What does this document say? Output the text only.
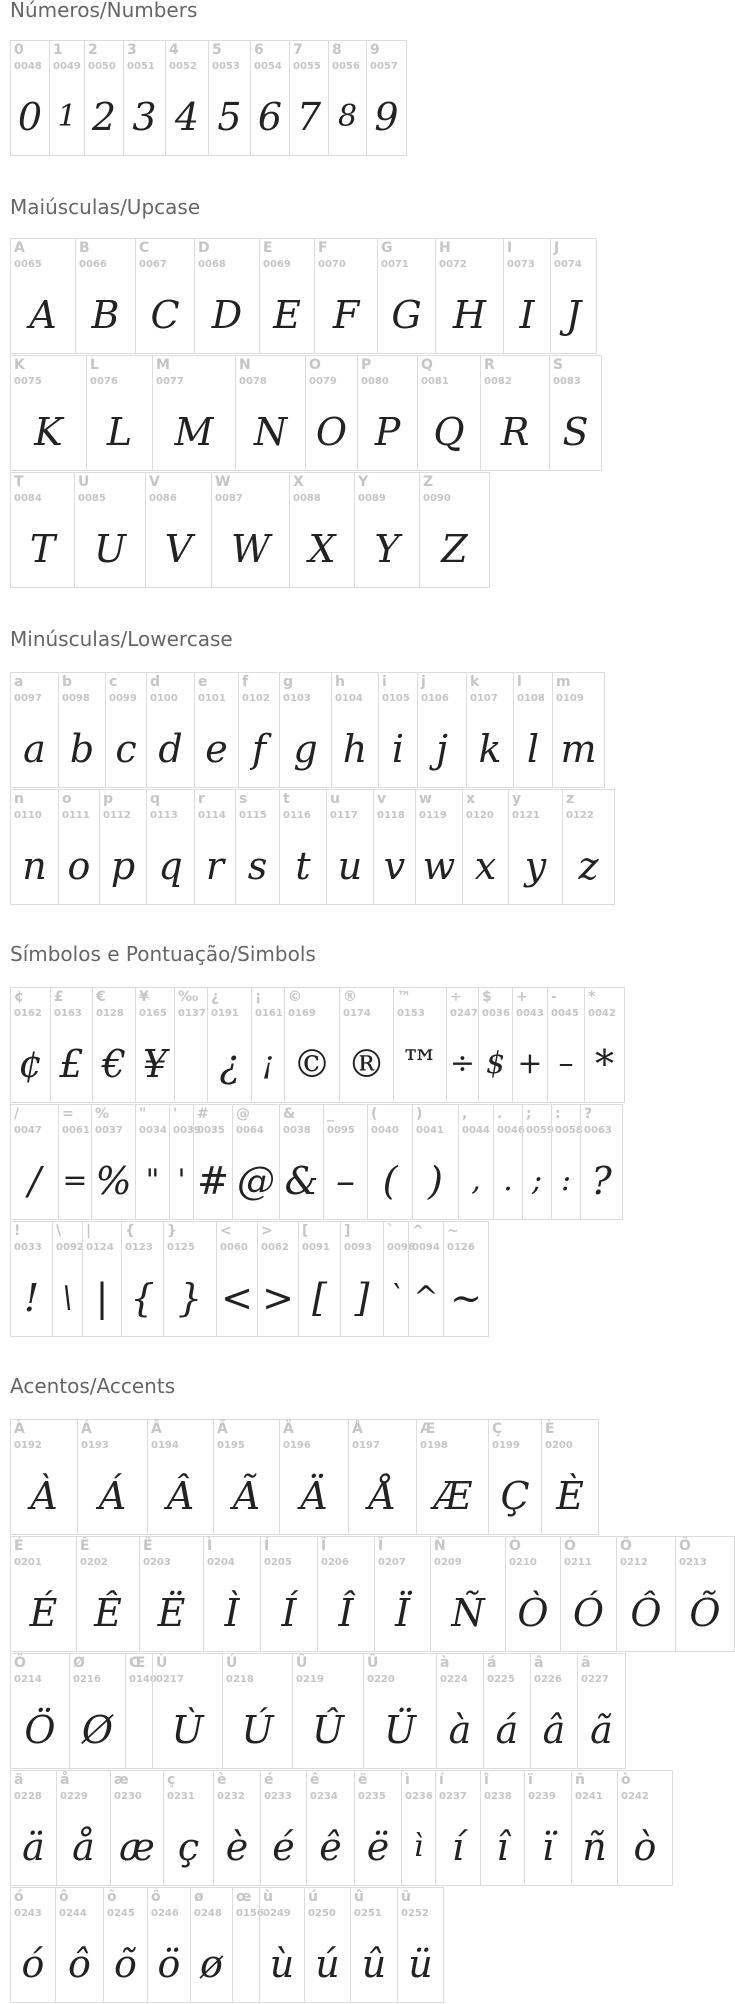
Números/Numbers
0
0048
0
1
0049
1
2
0050
2
3
0051
3
4
0052
4
5
0053
5
6
0054
6
7
0055
7
8
0056
8
9
0057
9
Maiúsculas/Upcase
A
0065
A
B
0066
B
C
0067
C
D
0068
D
E
0069
E
F
0070
F
G
0071
G
H
0072
H
I
0073
I
J
0074
J
K
0075
K
L
0076
L
M
0077
M
N
0078
N
O
0079
O
P
0080
P
Q
0081
Q
R
0082
R
S
0083
S
T
0084
T
U
0085
U
V
0086
V
W
0087
W
X
0088
X
Y
0089
Y
Z
0090
Z
Minúsculas/Lowercase
a
0097
a
b
0098
b
c
0099
c
d
0100
d
e
0101
e
f
0102
f
g
0103
g
h
0104
h
i
0105
i
j
0106
j
k
0107
k
l
0108
l
m
0109
m
n
0110
n
o
0111
o
p
0112
p
q
0113
q
r
0114
r
s
0115
s
t
0116
t
u
0117
u
v
0118
v
w
0119
w
x
0120
x
y
0121
y
z
0122
z
Símbolos e Pontuação/Simbols
¢
0162
¢
£
0163
£
€
0128
€
¥
0165
¥
‰
0137
¿
0191
¿
¡
0161
¡
©
0169
©
®
0174
®
™
0153
™
÷
0247
÷
$
0036
$
+
0043
+
-
0045
–
*
0042
*
/
0047
/
=
0061
=
%
0037
%
"
0034
"
'
0039
'
#
0035
#
@
0064
@
&
0038
&
_
0095
–
(
0040
(
)
0041
)
,
0044
,
.
0046
.
;
0059
;
:
0058
:
?
0063
?
!
0033
!
\
0092
\
|
0124
|
{
0123
{
}
0125
}
<
0060
<
>
0062
>
[
0091
[
]
0093
]
`
0096
`
^
0094
^
~
0126
~
Acentos/Accents
À
0192
À
Á
0193
Á
Â
0194
Â
Ã
0195
Ã
Ä
0196
Ä
Å
0197
Å
Æ
0198
Æ
Ç
0199
Ç
È
0200
È
É
0201
É
Ê
0202
Ê
Ë
0203
Ë
Ì
0204
Ì
Í
0205
Í
Î
0206
Î
Ï
0207
Ï
Ñ
0209
Ñ
Ò
0210
Ò
Ó
0211
Ó
Ô
0212
Ô
Õ
0213
Õ
Ö
0214
Ö
Ø
0216
Ø
Œ
0140
Ù
0217
Ù
Ú
0218
Ú
Û
0219
Û
Ü
0220
Ü
à
0224
à
á
0225
á
â
0226
â
ã
0227
ã
ä
0228
ä
å
0229
å
æ
0230
æ
ç
0231
ç
è
0232
è
é
0233
é
ê
0234
ê
ë
0235
ë
ì
0236
ì
í
0237
í
î
0238
î
ï
0239
ï
ñ
0241
ñ
ò
0242
ò
ó
0243
ó
ô
0244
ô
õ
0245
õ
ö
0246
ö
ø
0248
ø
œ
0156
ù
0249
ù
ú
0250
ú
û
0251
û
ü
0252
ü
